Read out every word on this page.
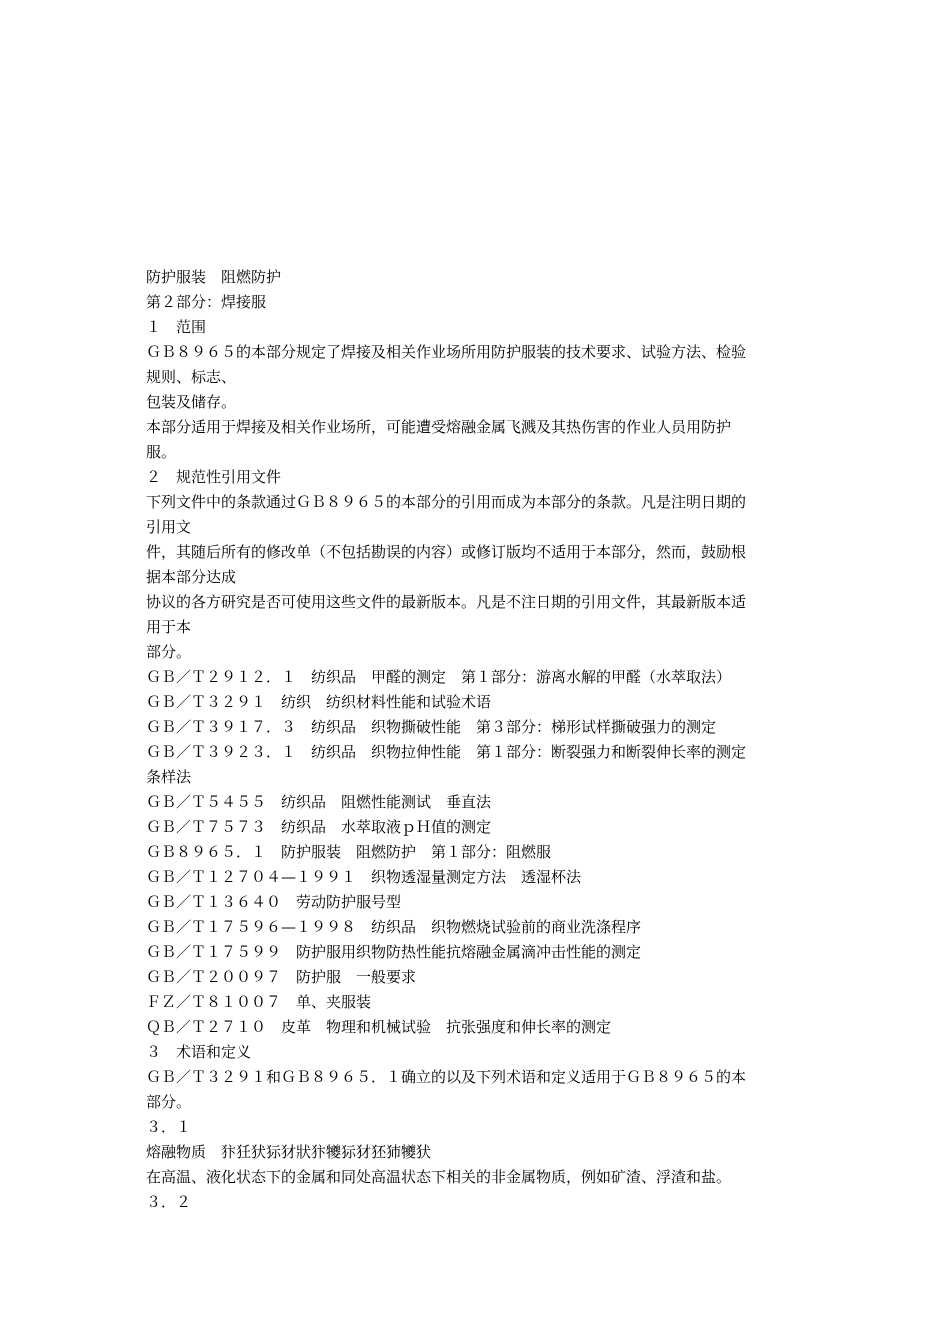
防护服装　阻燃防护
第２部分：焊接服
１　范围
ＧＢ８９６５的本部分规定了焊接及相关作业场所用防护服装的技术要求、试验方法、检验
规则、标志、
包装及储存。
本部分适用于焊接及相关作业场所，可能遭受熔融金属飞溅及其热伤害的作业人员用防护
服。
２　规范性引用文件
下列文件中的条款通过ＧＢ８９６５的本部分的引用而成为本部分的条款。凡是注明日期的
引用文
件，其随后所有的修改单（不包括勘误的内容）或修订版均不适用于本部分，然而，鼓励根
据本部分达成
协议的各方研究是否可使用这些文件的最新版本。凡是不注日期的引用文件，其最新版本适
用于本
部分。
ＧＢ／Ｔ２９１２．１　纺织品　甲醛的测定　第１部分：游离水解的甲醛（水萃取法）
ＧＢ／Ｔ３２９１　纺织　纺织材料性能和试验术语
ＧＢ／Ｔ３９１７．３　纺织品　织物撕破性能　第３部分：梯形试样撕破强力的测定
ＧＢ／Ｔ３９２３．１　纺织品　织物拉伸性能　第１部分：断裂强力和断裂伸长率的测定
条样法
ＧＢ／Ｔ５４５５　纺织品　阻燃性能测试　垂直法
ＧＢ／Ｔ７５７３　纺织品　水萃取液ｐＨ值的测定
ＧＢ８９６５．１　防护服装　阻燃防护　第１部分：阻燃服
ＧＢ／Ｔ１２７０４—１９９１　织物透湿量测定方法　透湿杯法
ＧＢ／Ｔ１３６４０　劳动防护服号型
ＧＢ／Ｔ１７５９６—１９９８　纺织品　织物燃烧试验前的商业洗涤程序
ＧＢ／Ｔ１７５９９　防护服用织物防热性能抗熔融金属滴冲击性能的测定
ＧＢ／Ｔ２００９７　防护服　一般要求
ＦＺ／Ｔ８１００７　单、夹服装
ＱＢ／Ｔ２７１０　皮革　物理和机械试验　抗张强度和伸长率的测定
３　术语和定义
ＧＢ／Ｔ３２９１和ＧＢ８９６５．１确立的以及下列术语和定义适用于ＧＢ８９６５的本
部分。
３．１
熔融物质　犿狅犾狋犲狀犿犪狋犲狉犻犪犾
在高温、液化状态下的金属和同处高温状态下相关的非金属物质，例如矿渣、浮渣和盐。
３．２
